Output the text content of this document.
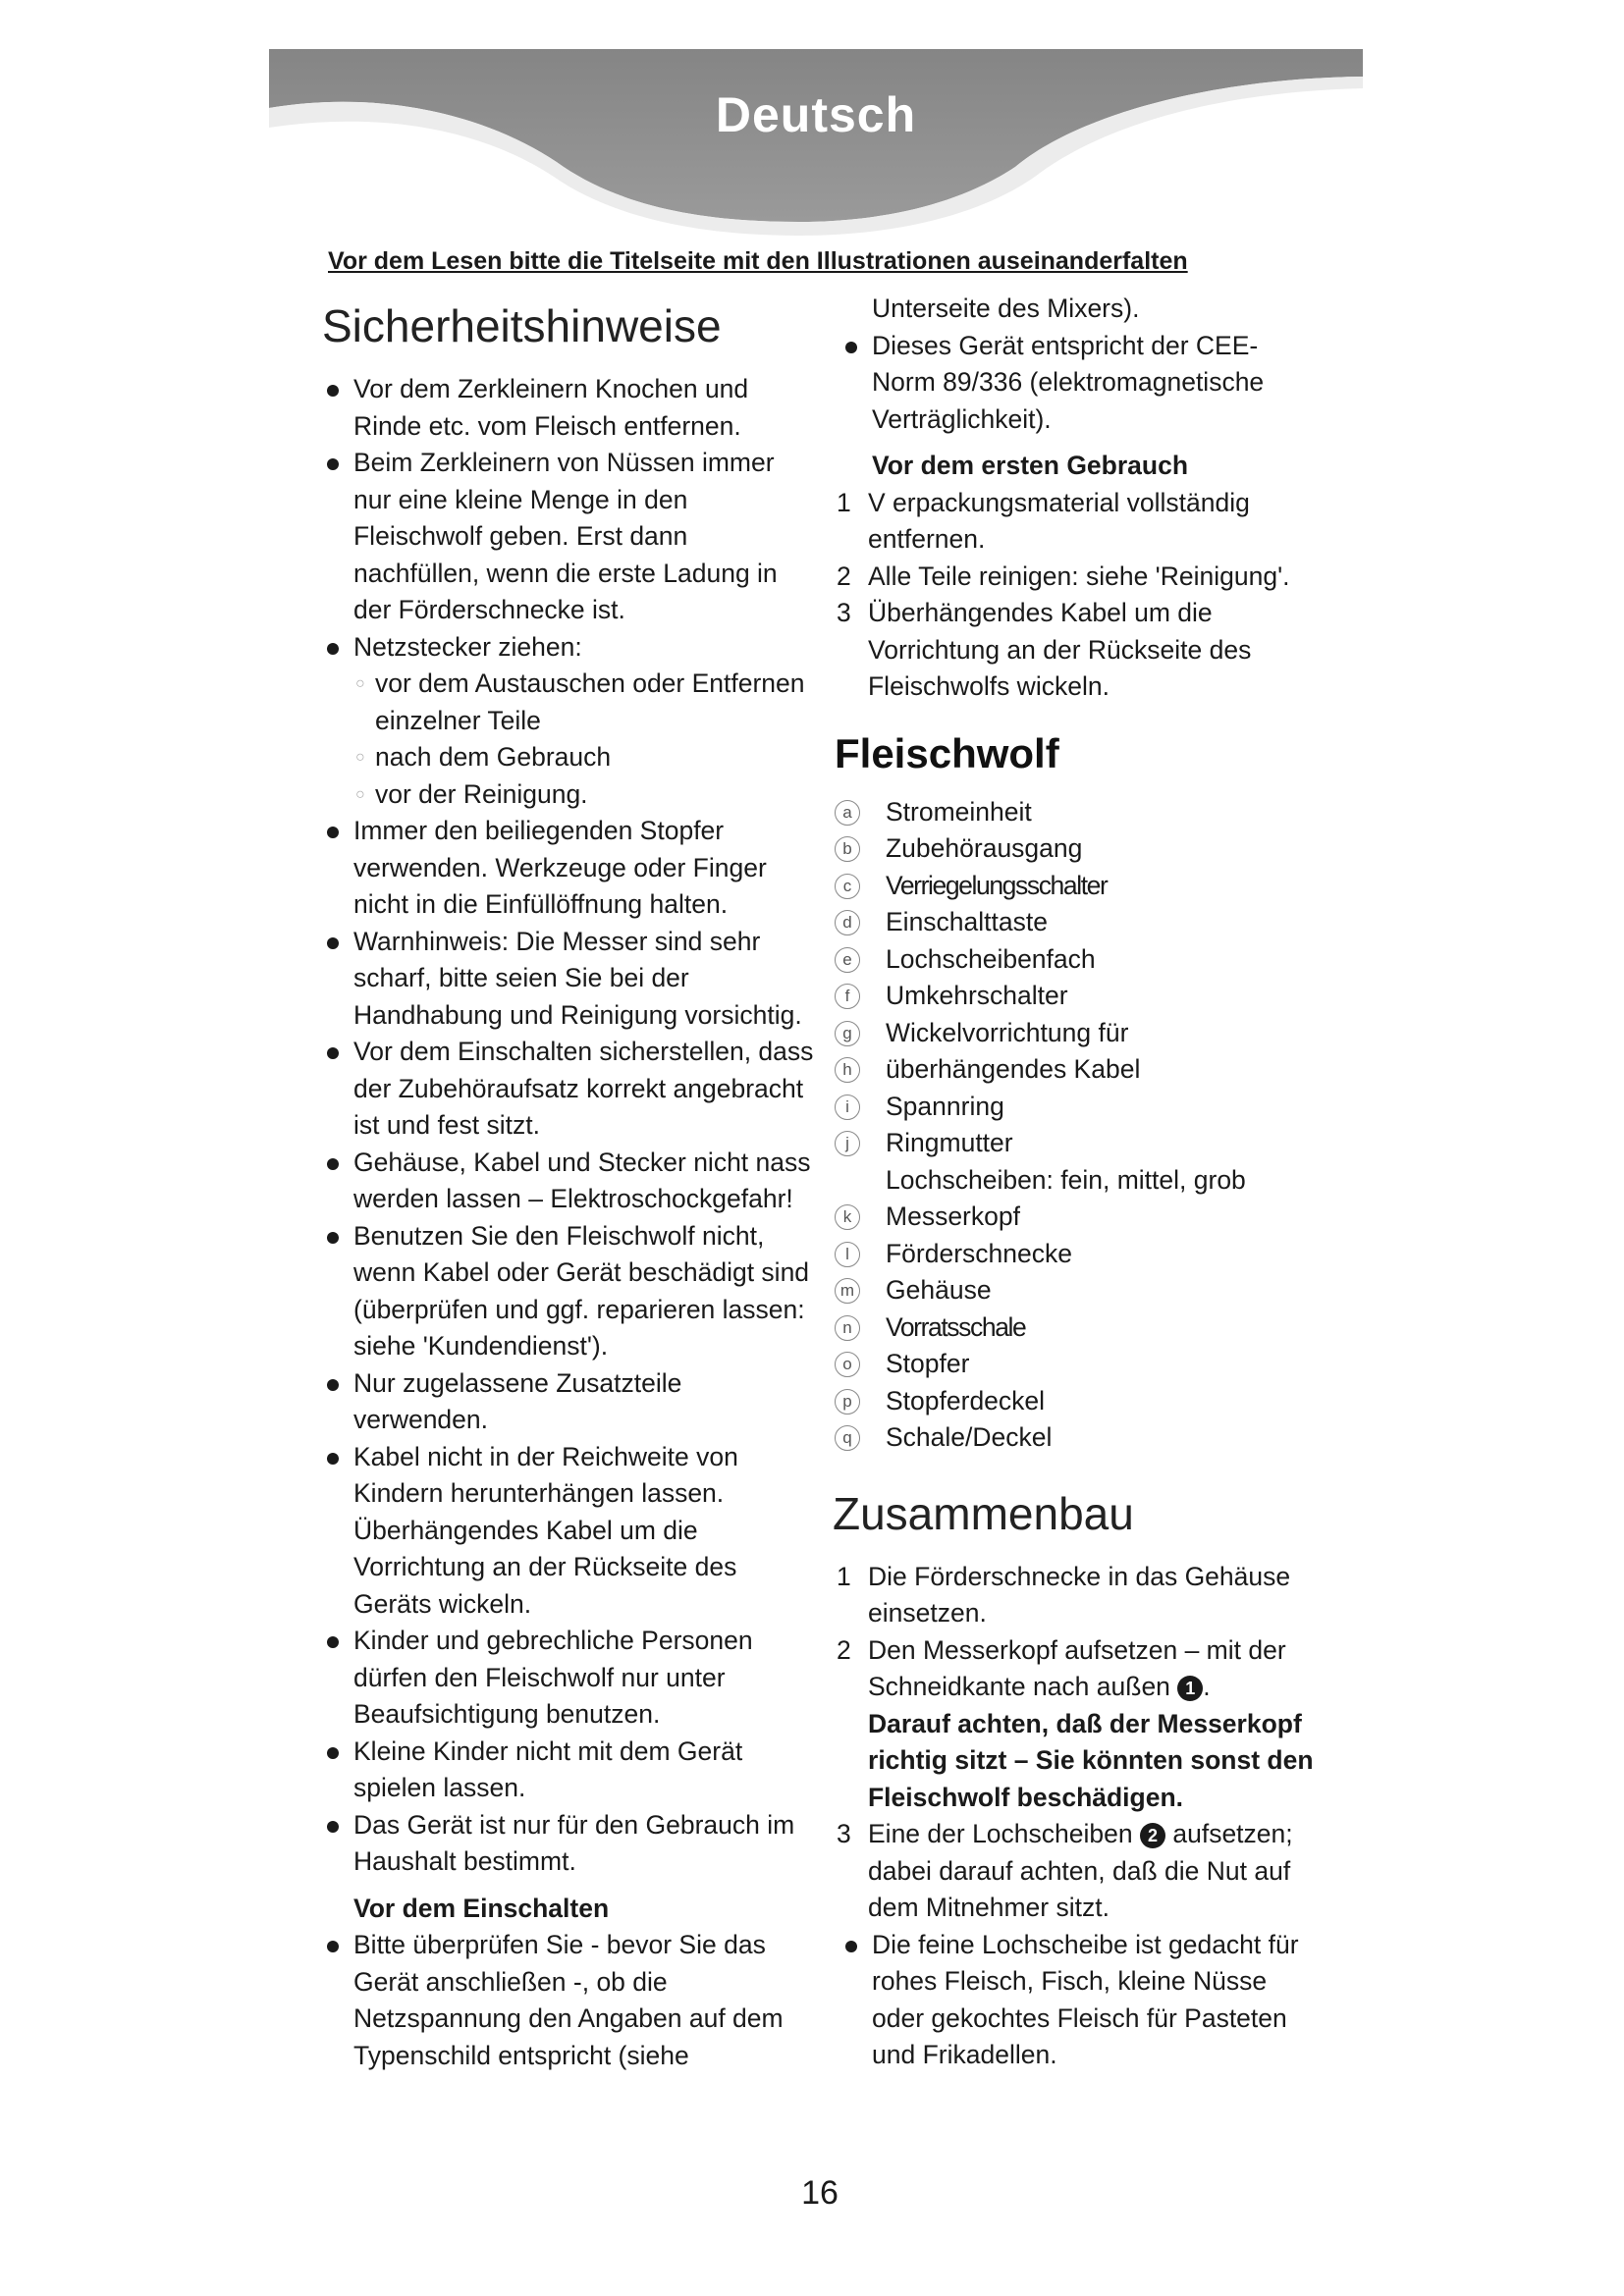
Deutsch
Vor dem Lesen bitte die Titelseite mit den Illustrationen auseinanderfalten
Sicherheitshinweise
Vor dem Zerkleinern Knochen und Rinde etc. vom Fleisch entfernen.
Beim Zerkleinern von Nüssen immer nur eine kleine Menge in den Fleischwolf geben. Erst dann nachfüllen, wenn die erste Ladung in der Förderschnecke ist.
Netzstecker ziehen:
○ vor dem Austauschen oder Entfernen einzelner Teile
○ nach dem Gebrauch
○ vor der Reinigung.
Immer den beiliegenden Stopfer verwenden. Werkzeuge oder Finger nicht in die Einfüllöffnung halten.
Warnhinweis: Die Messer sind sehr scharf, bitte seien Sie bei der Handhabung und Reinigung vorsichtig.
Vor dem Einschalten sicherstellen, dass der Zubehöraufsatz korrekt angebracht ist und fest sitzt.
Gehäuse, Kabel und Stecker nicht nass werden lassen – Elektroschockgefahr!
Benutzen Sie den Fleischwolf nicht, wenn Kabel oder Gerät beschädigt sind (überprüfen und ggf. reparieren lassen: siehe 'Kundendienst').
Nur zugelassene Zusatzteile verwenden.
Kabel nicht in der Reichweite von Kindern herunterhängen lassen. Überhängendes Kabel um die Vorrichtung an der Rückseite des Geräts wickeln.
Kinder und gebrechliche Personen dürfen den Fleischwolf nur unter Beaufsichtigung benutzen.
Kleine Kinder nicht mit dem Gerät spielen lassen.
Das Gerät ist nur für den Gebrauch im Haushalt bestimmt.
Vor dem Einschalten
Bitte überprüfen Sie - bevor Sie das Gerät anschließen -, ob die Netzspannung den Angaben auf dem Typenschild entspricht (siehe
Unterseite des Mixers).
Dieses Gerät entspricht der CEE-Norm 89/336 (elektromagnetische Verträglichkeit).
Vor dem ersten Gebrauch
1 V erpackungsmaterial vollständig entfernen.
2 Alle Teile reinigen: siehe 'Reinigung'.
3 Überhängendes Kabel um die Vorrichtung an der Rückseite des Fleischwolfs wickeln.
Fleischwolf
a	Stromeinheit
b	Zubehörausgang
c	Verriegelungsschalter
d	Einschalttaste
e	Lochscheibenfach
f	Umkehrschalter
g	Wickelvorrichtung für
h	überhängendes Kabel
i	Spannring
j	Ringmutter
Lochscheiben: fein, mittel, grob
k	Messerkopf
l	Förderschnecke
m Gehäuse
n	Vorratsschale
o	Stopfer
p	Stopferdeckel
q	Schale/Deckel
Zusammenbau
1 Die Förderschnecke in das Gehäuse einsetzen.
2 Den Messerkopf aufsetzen – mit der Schneidkante nach außen 1 .
Darauf achten, daß der Messerkopf richtig sitzt – Sie könnten sonst den Fleischwolf beschädigen.
3 Eine der Lochscheiben 2 aufsetzen; dabei darauf achten, daß die Nut auf dem Mitnehmer sitzt.
Die feine Lochscheibe ist gedacht für rohes Fleisch, Fisch, kleine Nüsse oder gekochtes Fleisch für Pasteten und Frikadellen.
16
